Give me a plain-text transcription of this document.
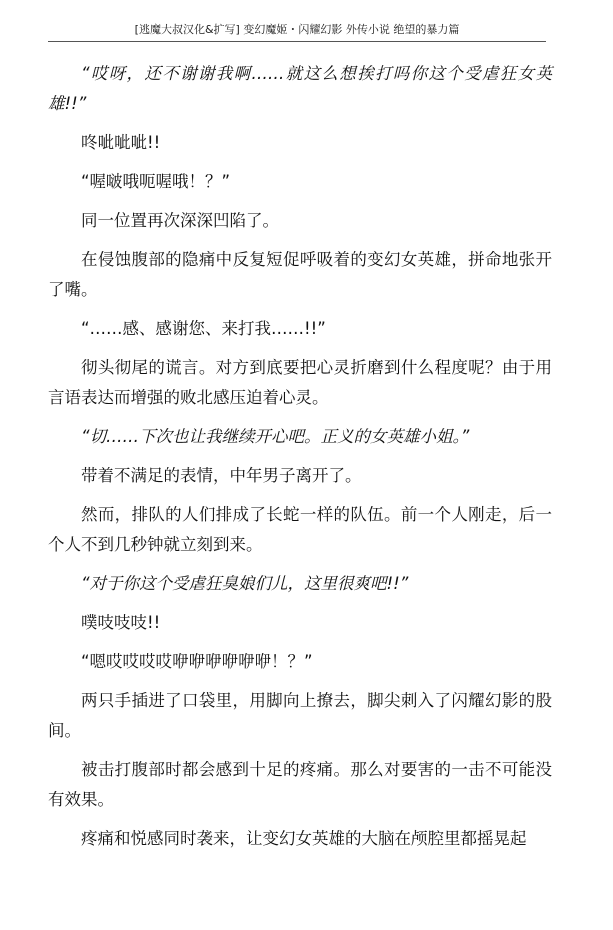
[逃魔大叔汉化&扩写] 变幻魔姬・闪耀幻影 外传小说 绝望的暴力篇

“哎呀，还不谢谢我啊……就这么想挨打吗你这个受虐狂女英雄!!”

咚呲呲呲!!

“喔啵哦呃喔哦！？”

同一位置再次深深凹陷了。

在侵蚀腹部的隐痛中反复短促呼吸着的变幻女英雄，拼命地张开了嘴。

“……感、感谢您、来打我……!!”

彻头彻尾的谎言。对方到底要把心灵折磨到什么程度呢？由于用言语表达而增强的败北感压迫着心灵。

“切……下次也让我继续开心吧。正义的女英雄小姐。”

带着不满足的表情，中年男子离开了。

然而，排队的人们排成了长蛇一样的队伍。前一个人刚走，后一个人不到几秒钟就立刻到来。

“对于你这个受虐狂臭娘们儿，这里很爽吧!!”

噗吱吱吱!!

“嗯哎哎哎哎咿咿咿咿咿咿！？”

两只手插进了口袋里，用脚向上撩去，脚尖刺入了闪耀幻影的股间。

被击打腹部时都会感到十足的疼痛。那么对要害的一击不可能没有效果。

疼痛和悦感同时袭来，让变幻女英雄的大脑在颅腔里都摇晃起
